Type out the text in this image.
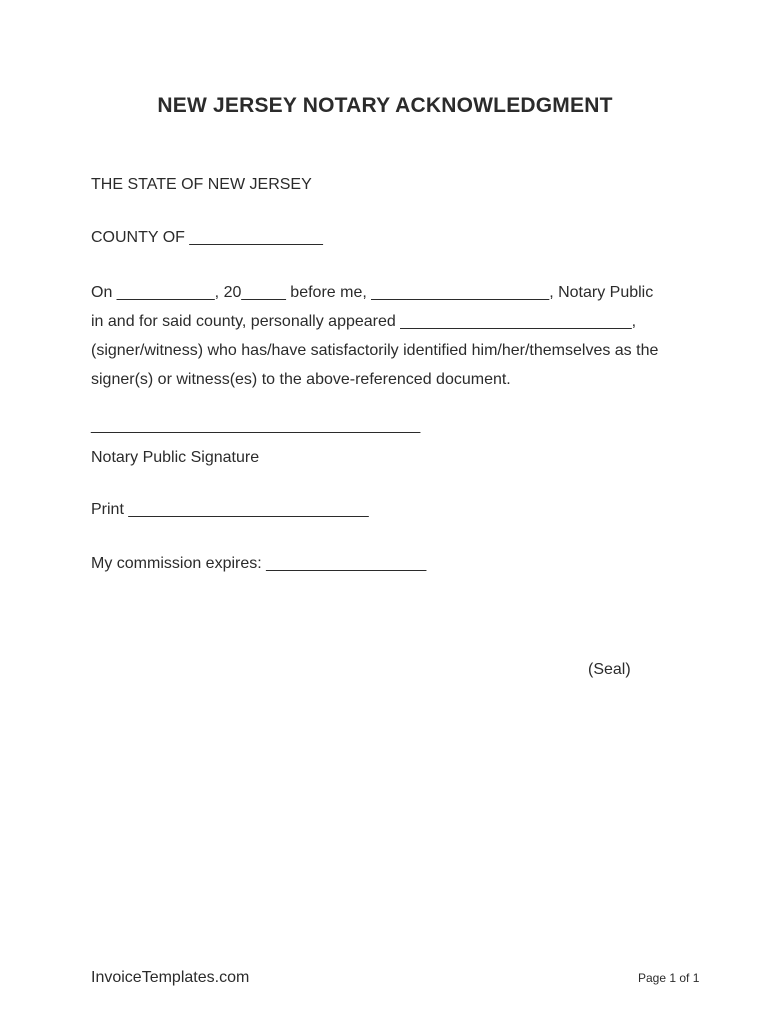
NEW JERSEY NOTARY ACKNOWLEDGMENT
THE STATE OF NEW JERSEY
COUNTY OF _______________
On ___________, 20_____ before me, ____________________, Notary Public
in and for said county, personally appeared __________________________,
(signer/witness) who has/have satisfactorily identified him/her/themselves as the
signer(s) or witness(es) to the above-referenced document.
_____________________________________
Notary Public Signature
Print ___________________________
My commission expires: __________________
(Seal)
InvoiceTemplates.com	Page 1 of 1
